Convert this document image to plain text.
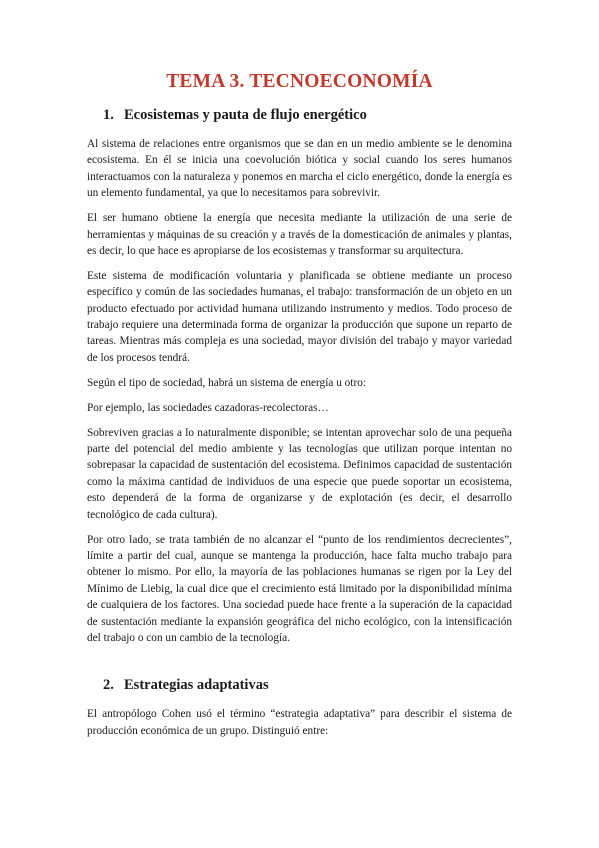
TEMA 3. TECNOECONOMÍA
1. Ecosistemas y pauta de flujo energético

Al sistema de relaciones entre organismos que se dan en un medio ambiente se le denomina ecosistema. En él se inicia una coevolución biótica y social cuando los seres humanos interactuamos con la naturaleza y ponemos en marcha el ciclo energético, donde la energía es un elemento fundamental, ya que lo necesitamos para sobrevivir.

El ser humano obtiene la energía que necesita mediante la utilización de una serie de herramientas y máquinas de su creación y a través de la domesticación de animales y plantas, es decir, lo que hace es apropiarse de los ecosistemas y transformar su arquitectura.

Este sistema de modificación voluntaria y planificada se obtiene mediante un proceso específico y común de las sociedades humanas, el trabajo: transformación de un objeto en un producto efectuado por actividad humana utilizando instrumento y medios. Todo proceso de trabajo requiere una determinada forma de organizar la producción que supone un reparto de tareas. Mientras más compleja es una sociedad, mayor división del trabajo y mayor variedad de los procesos tendrá.

Según el tipo de sociedad, habrá un sistema de energía u otro:

Por ejemplo, las sociedades cazadoras-recolectoras…

Sobreviven gracias a lo naturalmente disponible; se intentan aprovechar solo de una pequeña parte del potencial del medio ambiente y las tecnologías que utilizan porque intentan no sobrepasar la capacidad de sustentación del ecosistema. Definimos capacidad de sustentación como la máxima cantidad de individuos de una especie que puede soportar un ecosistema, esto dependerá de la forma de organizarse y de explotación (es decir, el desarrollo tecnológico de cada cultura).

Por otro lado, se trata también de no alcanzar el “punto de los rendimientos decrecientes”, límite a partir del cual, aunque se mantenga la producción, hace falta mucho trabajo para obtener lo mismo. Por ello, la mayoría de las poblaciones humanas se rigen por la Ley del Mínimo de Liebig, la cual dice que el crecimiento está limitado por la disponibilidad mínima de cualquiera de los factores. Una sociedad puede hace frente a la superación de la capacidad de sustentación mediante la expansión geográfica del nicho ecológico, con la intensificación del trabajo o con un cambio de la tecnología.

2. Estrategias adaptativas

El antropólogo Cohen usó el término “estrategia adaptativa” para describir el sistema de producción económica de un grupo. Distinguió entre:
